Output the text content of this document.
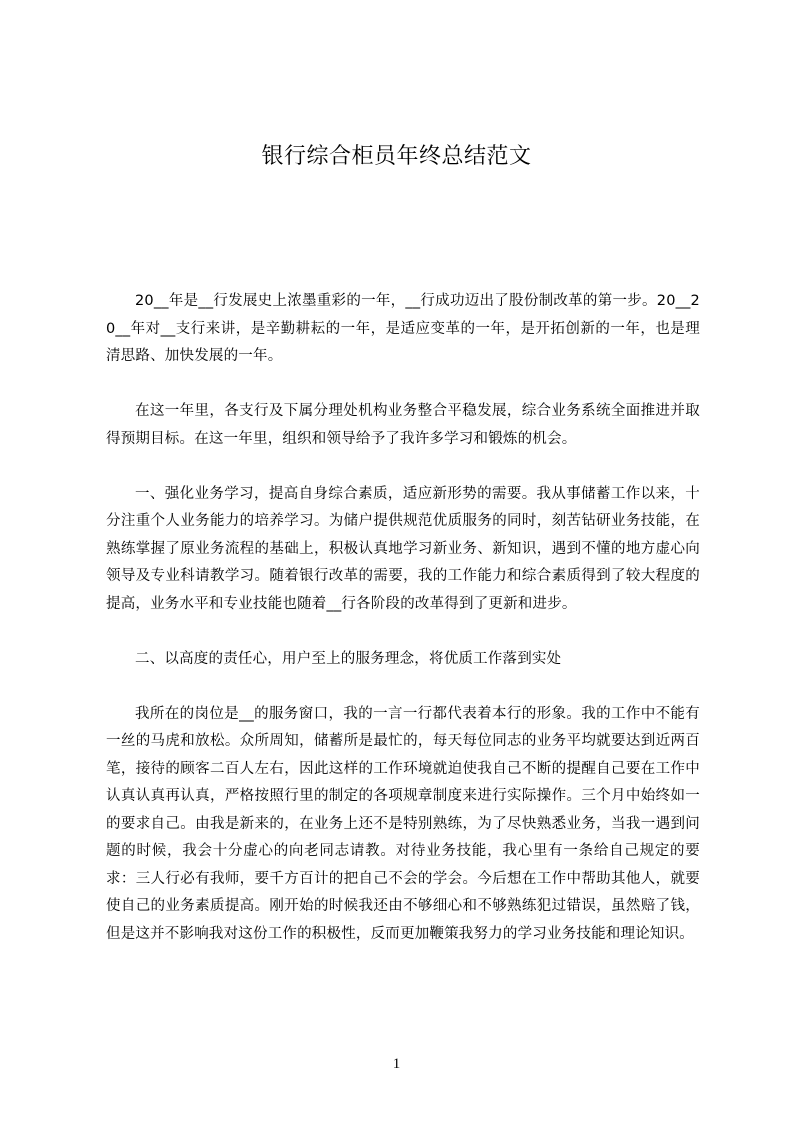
银行综合柜员年终总结范文

20__年是__行发展史上浓墨重彩的一年，__行成功迈出了股份制改革的第一步。20__20__年对__支行来讲，是辛勤耕耘的一年，是适应变革的一年，是开拓创新的一年，也是理清思路、加快发展的一年。

在这一年里，各支行及下属分理处机构业务整合平稳发展，综合业务系统全面推进并取得预期目标。在这一年里，组织和领导给予了我许多学习和锻炼的机会。

一、强化业务学习，提高自身综合素质，适应新形势的需要。我从事储蓄工作以来，十分注重个人业务能力的培养学习。为储户提供规范优质服务的同时，刻苦钻研业务技能，在熟练掌握了原业务流程的基础上，积极认真地学习新业务、新知识，遇到不懂的地方虚心向领导及专业科请教学习。随着银行改革的需要，我的工作能力和综合素质得到了较大程度的提高，业务水平和专业技能也随着__行各阶段的改革得到了更新和进步。

二、以高度的责任心，用户至上的服务理念，将优质工作落到实处

我所在的岗位是__的服务窗口，我的一言一行都代表着本行的形象。我的工作中不能有一丝的马虎和放松。众所周知，储蓄所是最忙的，每天每位同志的业务平均就要达到近两百笔，接待的顾客二百人左右，因此这样的工作环境就迫使我自己不断的提醒自己要在工作中认真认真再认真，严格按照行里的制定的各项规章制度来进行实际操作。三个月中始终如一的要求自己。由我是新来的，在业务上还不是特别熟练，为了尽快熟悉业务，当我一遇到问题的时候，我会十分虚心的向老同志请教。对待业务技能，我心里有一条给自己规定的要求：三人行必有我师，要千方百计的把自己不会的学会。今后想在工作中帮助其他人，就要使自己的业务素质提高。刚开始的时候我还由不够细心和不够熟练犯过错误，虽然赔了钱，但是这并不影响我对这份工作的积极性，反而更加鞭策我努力的学习业务技能和理论知识。

1
